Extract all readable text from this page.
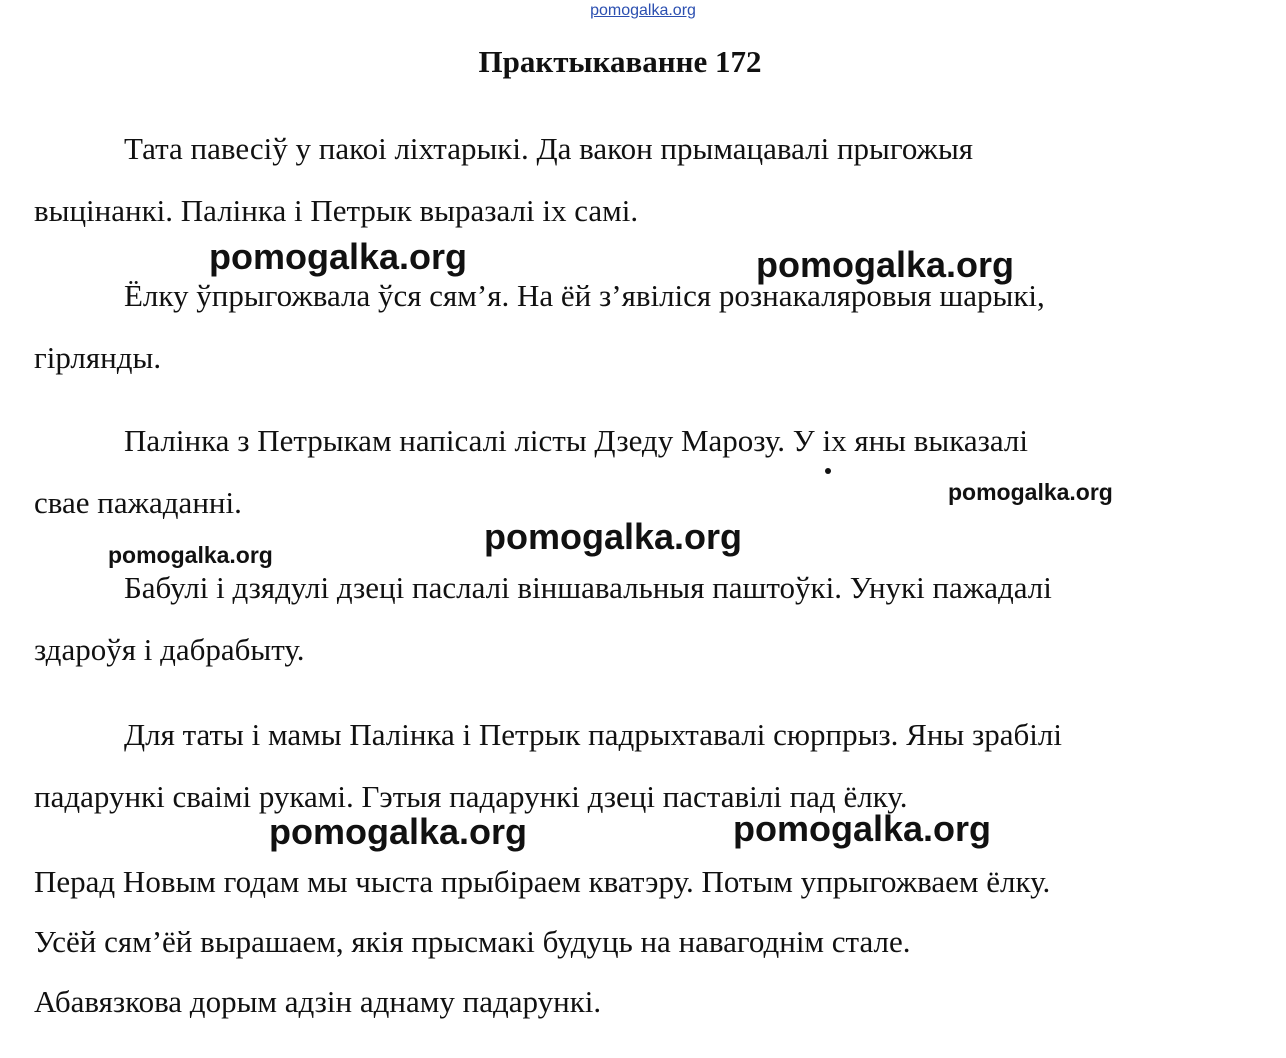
pomogalka.org
Практыкаванне 172

Тата павесіў у пакоі ліхтарыкі. Да вакон прымацавалі прыгожыя

выцінанкі. Палінка і Петрык выразалі іх самі.

Ёлку ўпрыгожвала ўся сям’я. На ёй з’явіліся рознакаляровыя шарыкі,

гірлянды.

Палінка з Петрыкам напісалі лісты Дзеду Марозу. У іх яны выказалі

свае пажаданні.

Бабулі і дзядулі дзеці паслалі віншавальныя паштоўкі. Унукі пажадалі

здароўя і дабрабыту.

Для таты і мамы Палінка і Петрык падрыхтавалі сюрпрыз. Яны зрабілі

падарункі сваімі рукамі. Гэтыя падарункі дзеці паставілі пад ёлку.

Перад Новым годам мы чыста прыбіраем кватэру. Потым упрыгожваем ёлку.

Усёй сям’ёй вырашаем, якія прысмакі будуць на навагоднім стале.

Абавязкова дорым адзін аднаму падарункі.

pomogalka.org	pomogalka.org
pomogalka.org
pomogalka.org
pomogalka.org
pomogalka.org	pomogalka.org
